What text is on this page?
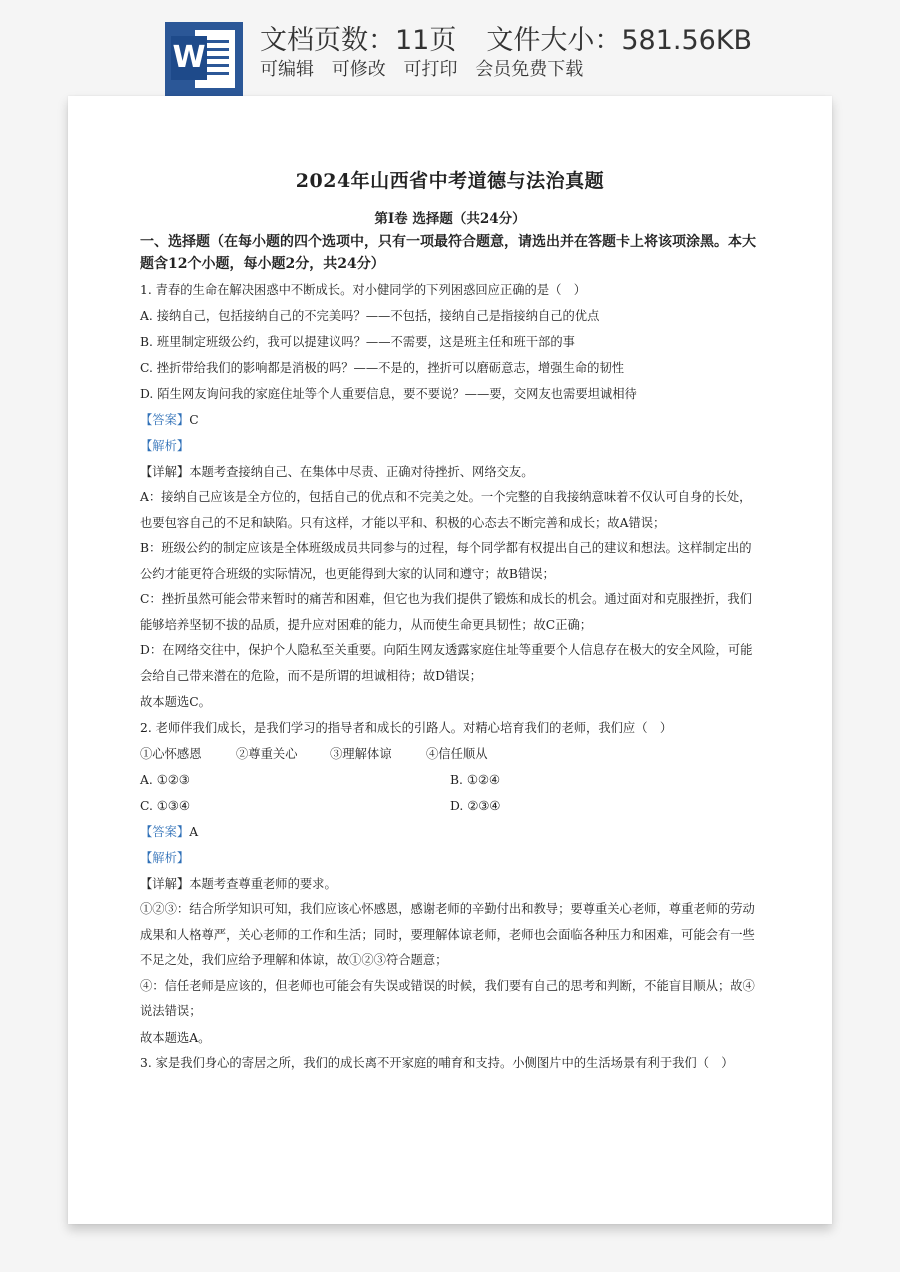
W 文档页数：11页 文件大小：581.56KB
可编辑 可修改 可打印 会员免费下载
2024年山西省中考道德与法治真题
第Ⅰ卷 选择题（共24分）
一、选择题（在每小题的四个选项中，只有一项最符合题意，请选出并在答题卡上将该项涂黑。本大题含12个小题，每小题2分，共24分）

1. 青春的生命在解决困惑中不断成长。对小健同学的下列困惑回应正确的是（　）

A. 接纳自己，包括接纳自己的不完美吗？——不包括，接纳自己是指接纳自己的优点

B. 班里制定班级公约，我可以提建议吗？——不需要，这是班主任和班干部的事

C. 挫折带给我们的影响都是消极的吗？——不是的，挫折可以磨砺意志，增强生命的韧性

D. 陌生网友询问我的家庭住址等个人重要信息，要不要说？——要，交网友也需要坦诚相待

【答案】C

【解析】

【详解】本题考查接纳自己、在集体中尽责、正确对待挫折、网络交友。

A：接纳自己应该是全方位的，包括自己的优点和不完美之处。一个完整的自我接纳意味着不仅认可自身的长处，也要包容自己的不足和缺陷。只有这样，才能以平和、积极的心态去不断完善和成长；故A错误；

B：班级公约的制定应该是全体班级成员共同参与的过程，每个同学都有权提出自己的建议和想法。这样制定出的公约才能更符合班级的实际情况，也更能得到大家的认同和遵守；故B错误；

C：挫折虽然可能会带来暂时的痛苦和困难，但它也为我们提供了锻炼和成长的机会。通过面对和克服挫折，我们能够培养坚韧不拔的品质，提升应对困难的能力，从而使生命更具韧性；故C正确；

D：在网络交往中，保护个人隐私至关重要。向陌生网友透露家庭住址等重要个人信息存在极大的安全风险，可能会给自己带来潜在的危险，而不是所谓的坦诚相待；故D错误；

故本题选C。

2. 老师伴我们成长，是我们学习的指导者和成长的引路人。对精心培育我们的老师，我们应（　）

①心怀感恩	②尊重关心	③理解体谅	④信任顺从

A. ①②③	B. ①②④

C. ①③④	D. ②③④

【答案】A

【解析】

【详解】本题考查尊重老师的要求。

①②③：结合所学知识可知，我们应该心怀感恩，感谢老师的辛勤付出和教导；要尊重关心老师，尊重老师的劳动成果和人格尊严，关心老师的工作和生活；同时，要理解体谅老师，老师也会面临各种压力和困难，可能会有一些不足之处，我们应给予理解和体谅，故①②③符合题意；

④：信任老师是应该的，但老师也可能会有失误或错误的时候，我们要有自己的思考和判断，不能盲目顺从；故④说法错误；

故本题选A。

3. 家是我们身心的寄居之所，我们的成长离不开家庭的哺育和支持。小侧图片中的生活场景有利于我们（　）
